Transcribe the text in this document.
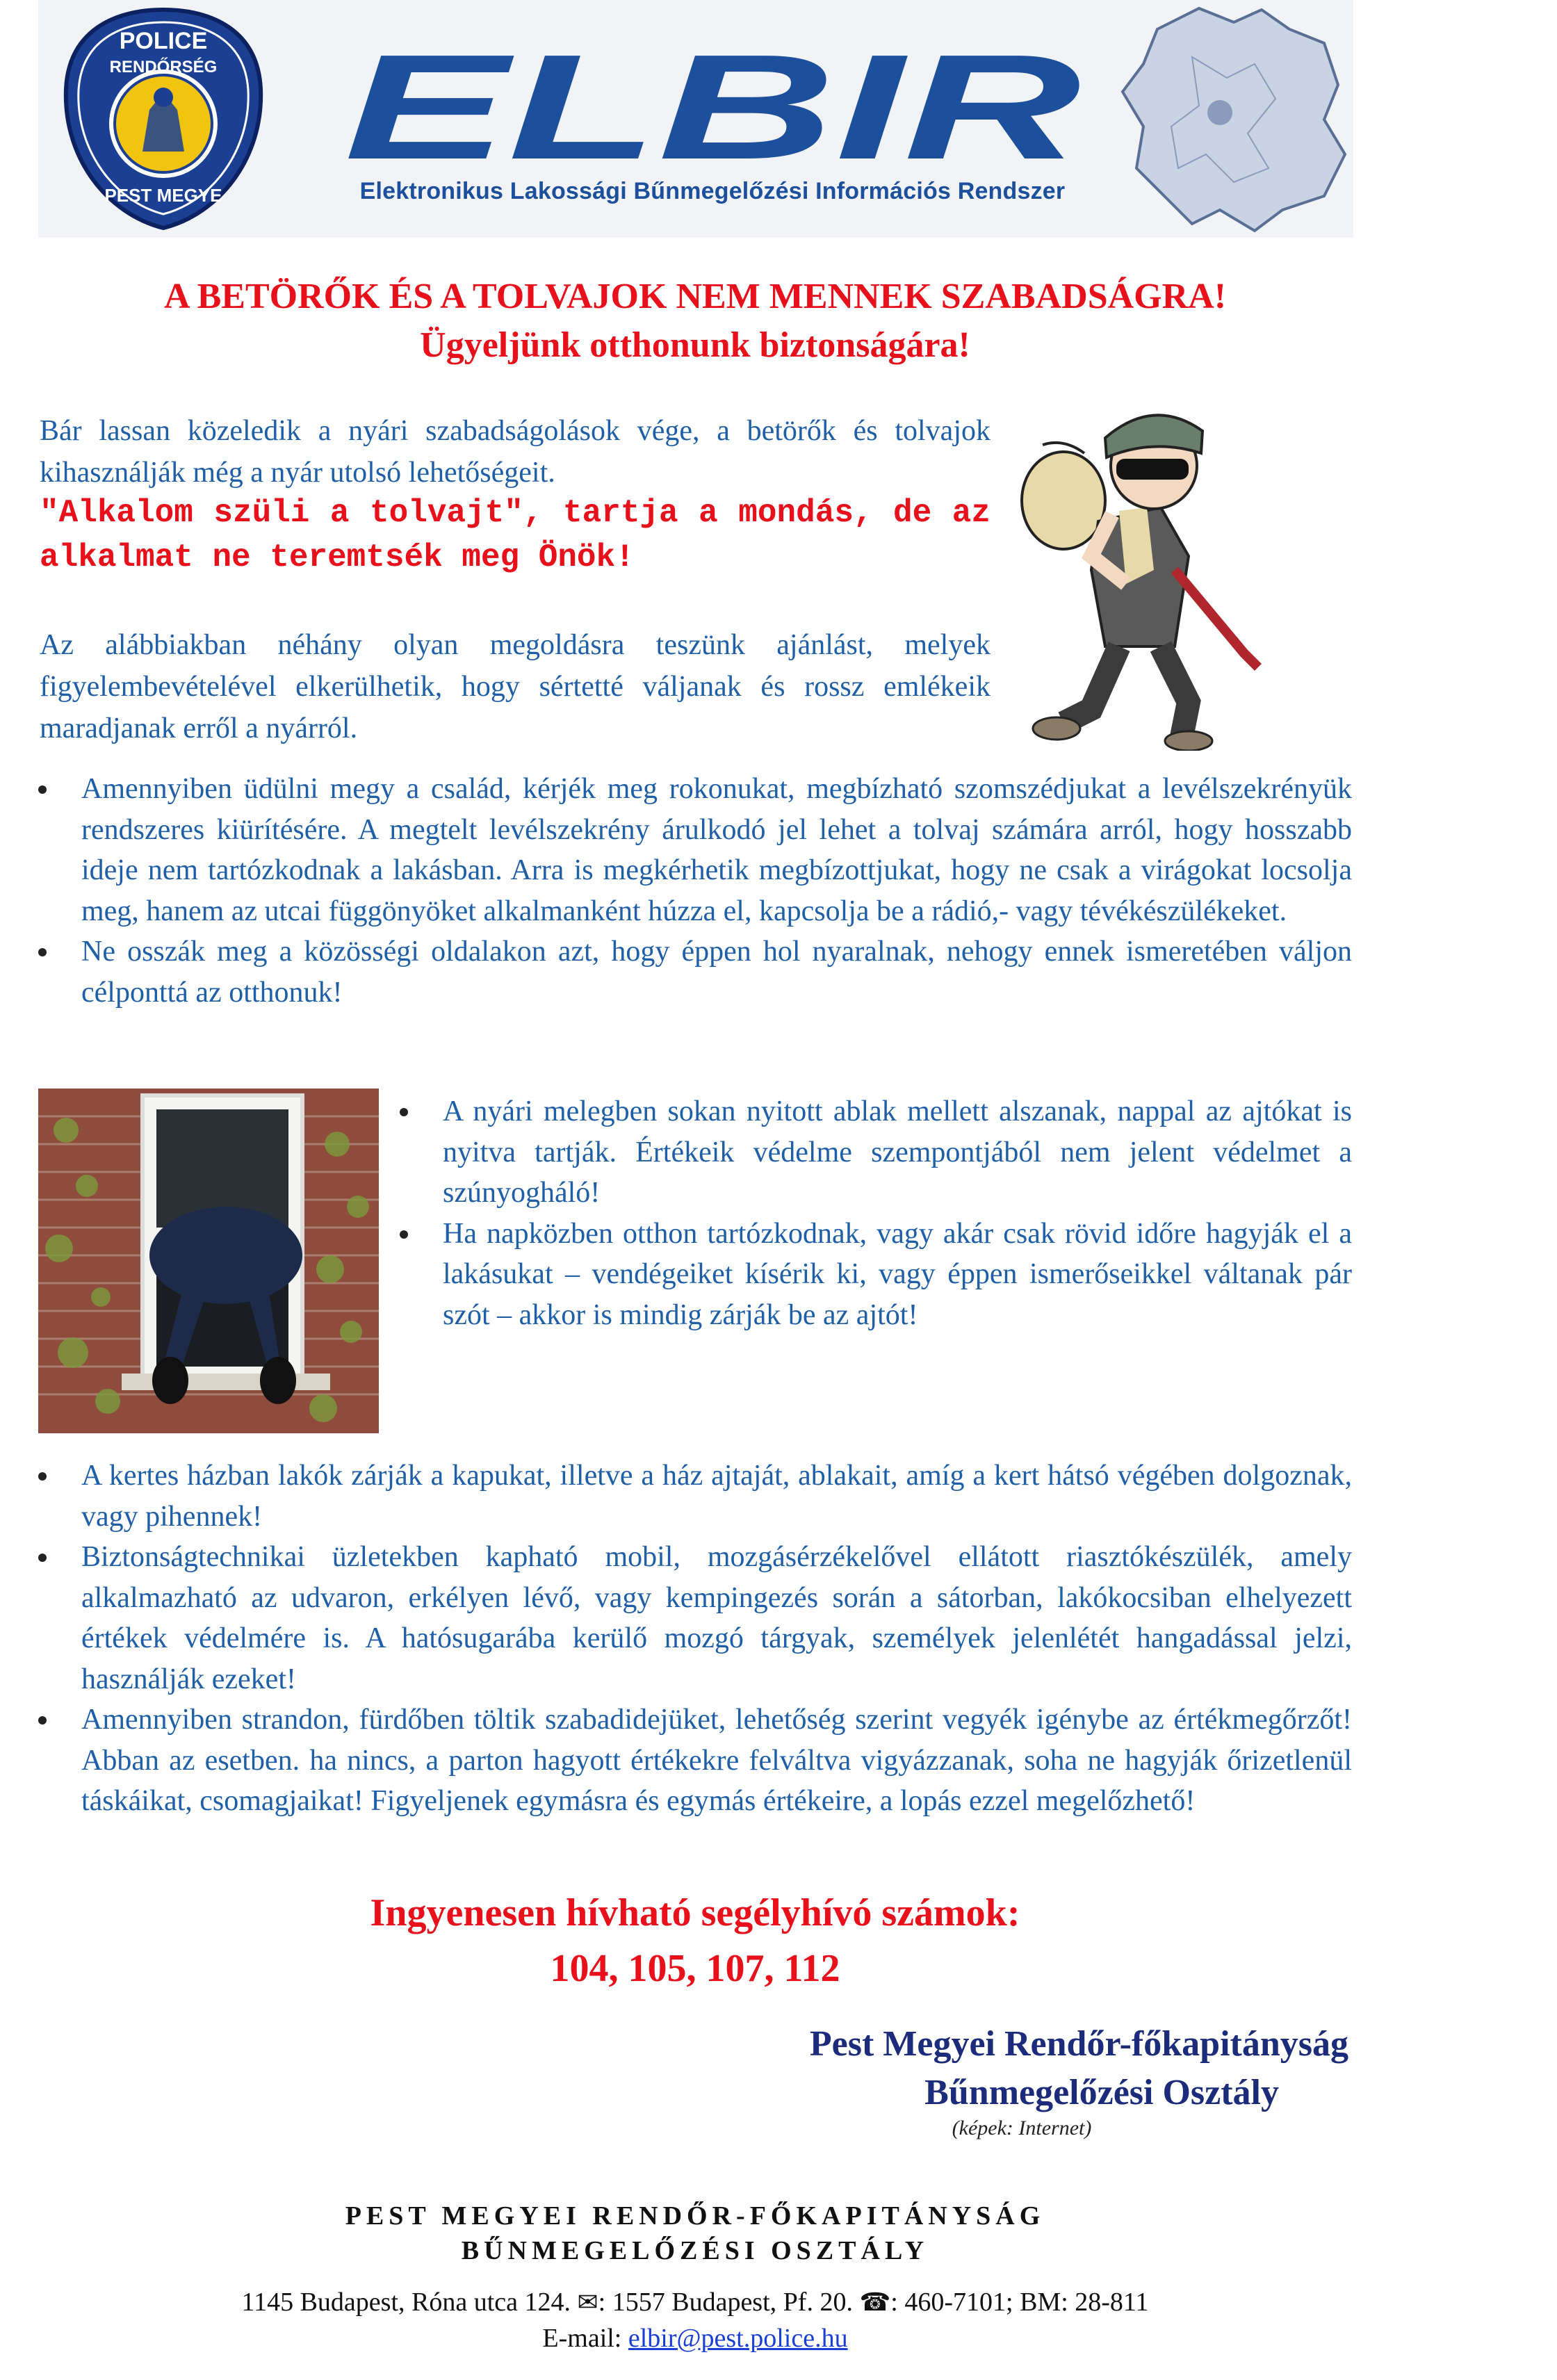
POLICE
RENDŐRSÉG
PEST MEGYE
ELBIR
Elektronikus Lakossági Bűnmegelőzési Információs Rendszer
A BETÖRŐK ÉS A TOLVAJOK NEM MENNEK SZABADSÁGRA!
Ügyeljünk otthonunk biztonságára!
Bár lassan közeledik a nyári szabadságolások vége, a betörők és tolvajok kihasználják még a nyár utolsó lehetőségeit.
"Alkalom szüli a tolvajt", tartja a mondás, de az alkalmat ne teremtsék meg Önök!
Az alábbiakban néhány olyan megoldásra teszünk ajánlást, melyek figyelembevételével elkerülhetik, hogy sértetté váljanak és rossz emlékeik maradjanak erről a nyárról.
Amennyiben üdülni megy a család, kérjék meg rokonukat, megbízható szomszédjukat a levélszekrényük rendszeres kiürítésére. A megtelt levélszekrény árulkodó jel lehet a tolvaj számára arról, hogy hosszabb ideje nem tartózkodnak a lakásban. Arra is megkérhetik megbízottjukat, hogy ne csak a virágokat locsolja meg, hanem az utcai függönyöket alkalmanként húzza el, kapcsolja be a rádió,- vagy tévékészülékeket.
Ne osszák meg a közösségi oldalakon azt, hogy éppen hol nyaralnak, nehogy ennek ismeretében váljon célponttá az otthonuk!
A nyári melegben sokan nyitott ablak mellett alszanak, nappal az ajtókat is nyitva tartják. Értékeik védelme szempontjából nem jelent védelmet a szúnyogháló!
Ha napközben otthon tartózkodnak, vagy akár csak rövid időre hagyják el a lakásukat – vendégeiket kísérik ki, vagy éppen ismerőseikkel váltanak pár szót – akkor is mindig zárják be az ajtót!
A kertes házban lakók zárják a kapukat, illetve a ház ajtaját, ablakait, amíg a kert hátsó végében dolgoznak, vagy pihennek!
Biztonságtechnikai üzletekben kapható mobil, mozgásérzékelővel ellátott riasztókészülék, amely alkalmazható az udvaron, erkélyen lévő, vagy kempingezés során a sátorban, lakókocsiban elhelyezett értékek védelmére is. A hatósugarába kerülő mozgó tárgyak, személyek jelenlétét hangadással jelzi, használják ezeket!
Amennyiben strandon, fürdőben töltik szabadidejüket, lehetőség szerint vegyék igénybe az értékmegőrzőt! Abban az esetben. ha nincs, a parton hagyott értékekre felváltva vigyázzanak, soha ne hagyják őrizetlenül táskáikat, csomagjaikat! Figyeljenek egymásra és egymás értékeire, a lopás ezzel megelőzhető!
Ingyenesen hívható segélyhívó számok:
104, 105, 107, 112
Pest Megyei Rendőr-főkapitányság
Bűnmegelőzési Osztály
(képek: Internet)
PEST MEGYEI RENDŐR-FŐKAPITÁNYSÁG
BŰNMEGELŐZÉSI OSZTÁLY
1145 Budapest, Róna utca 124. ✉: 1557 Budapest, Pf. 20. ☎: 460-7101; BM: 28-811
E-mail: elbir@pest.police.hu
